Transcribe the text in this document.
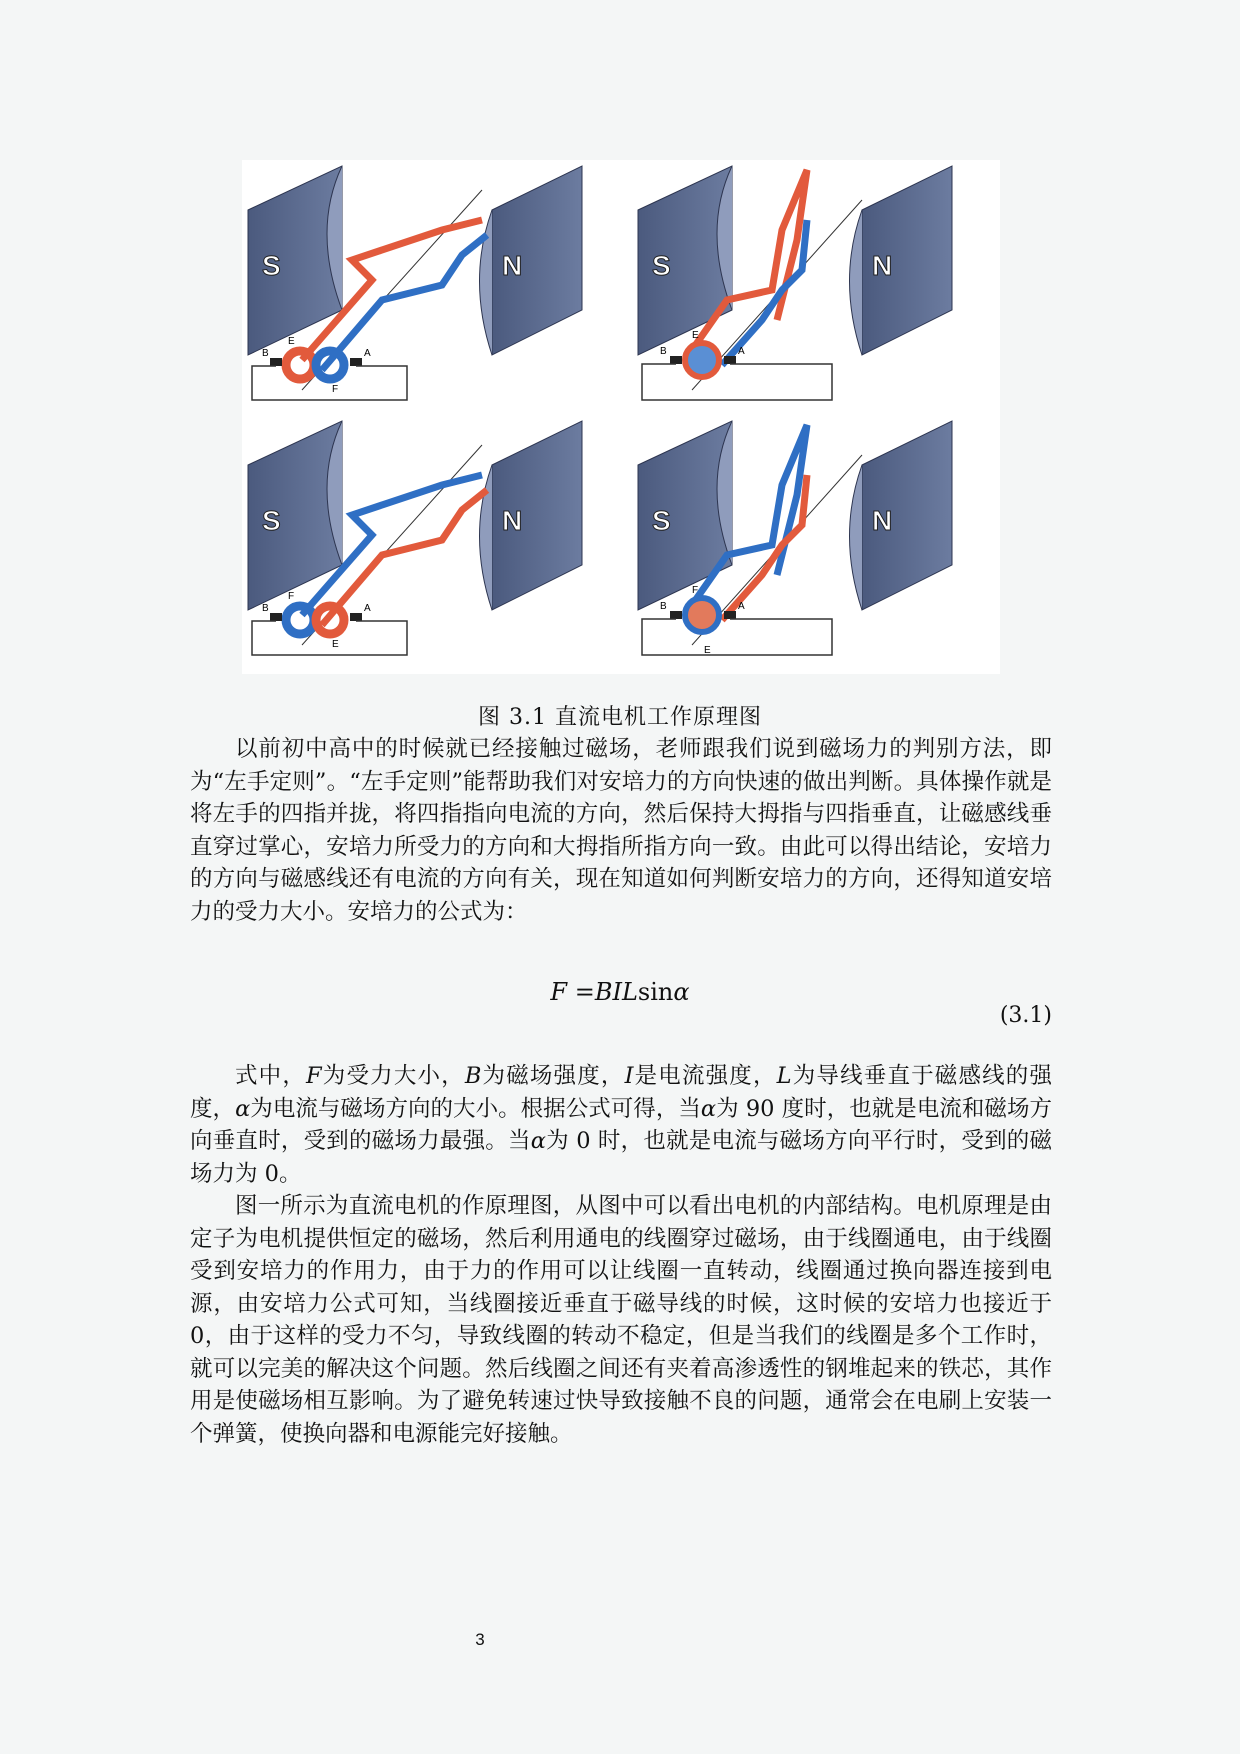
S	N
B	A
E
F
S	N
B	A
E
S	N
B	A
F
E
S	N
B	A
F
E
图 3.1 直流电机工作原理图

以前初中高中的时候就已经接触过磁场，老师跟我们说到磁场力的判别方法，即为“左手定则”。“左手定则”能帮助我们对安培力的方向快速的做出判断。具体操作就是将左手的四指并拢，将四指指向电流的方向，然后保持大拇指与四指垂直，让磁感线垂直穿过掌心，安培力所受力的方向和大拇指所指方向一致。由此可以得出结论，安培力的方向与磁感线还有电流的方向有关，现在知道如何判断安培力的方向，还得知道安培力的受力大小。安培力的公式为：

F =BILsinα
(3.1)

式中，F为受力大小，B为磁场强度，I是电流强度，L为导线垂直于磁感线的强度，α为电流与磁场方向的大小。根据公式可得，当α为 90 度时，也就是电流和磁场方向垂直时，受到的磁场力最强。当α为 0 时，也就是电流与磁场方向平行时，受到的磁场力为 0。

图一所示为直流电机的作原理图，从图中可以看出电机的内部结构。电机原理是由定子为电机提供恒定的磁场，然后利用通电的线圈穿过磁场，由于线圈通电，由于线圈受到安培力的作用力，由于力的作用可以让线圈一直转动，线圈通过换向器连接到电源，由安培力公式可知，当线圈接近垂直于磁导线的时候，这时候的安培力也接近于 0，由于这样的受力不匀，导致线圈的转动不稳定，但是当我们的线圈是多个工作时，就可以完美的解决这个问题。然后线圈之间还有夹着高渗透性的钢堆起来的铁芯，其作用是使磁场相互影响。为了避免转速过快导致接触不良的问题，通常会在电刷上安装一个弹簧，使换向器和电源能完好接触。

3
